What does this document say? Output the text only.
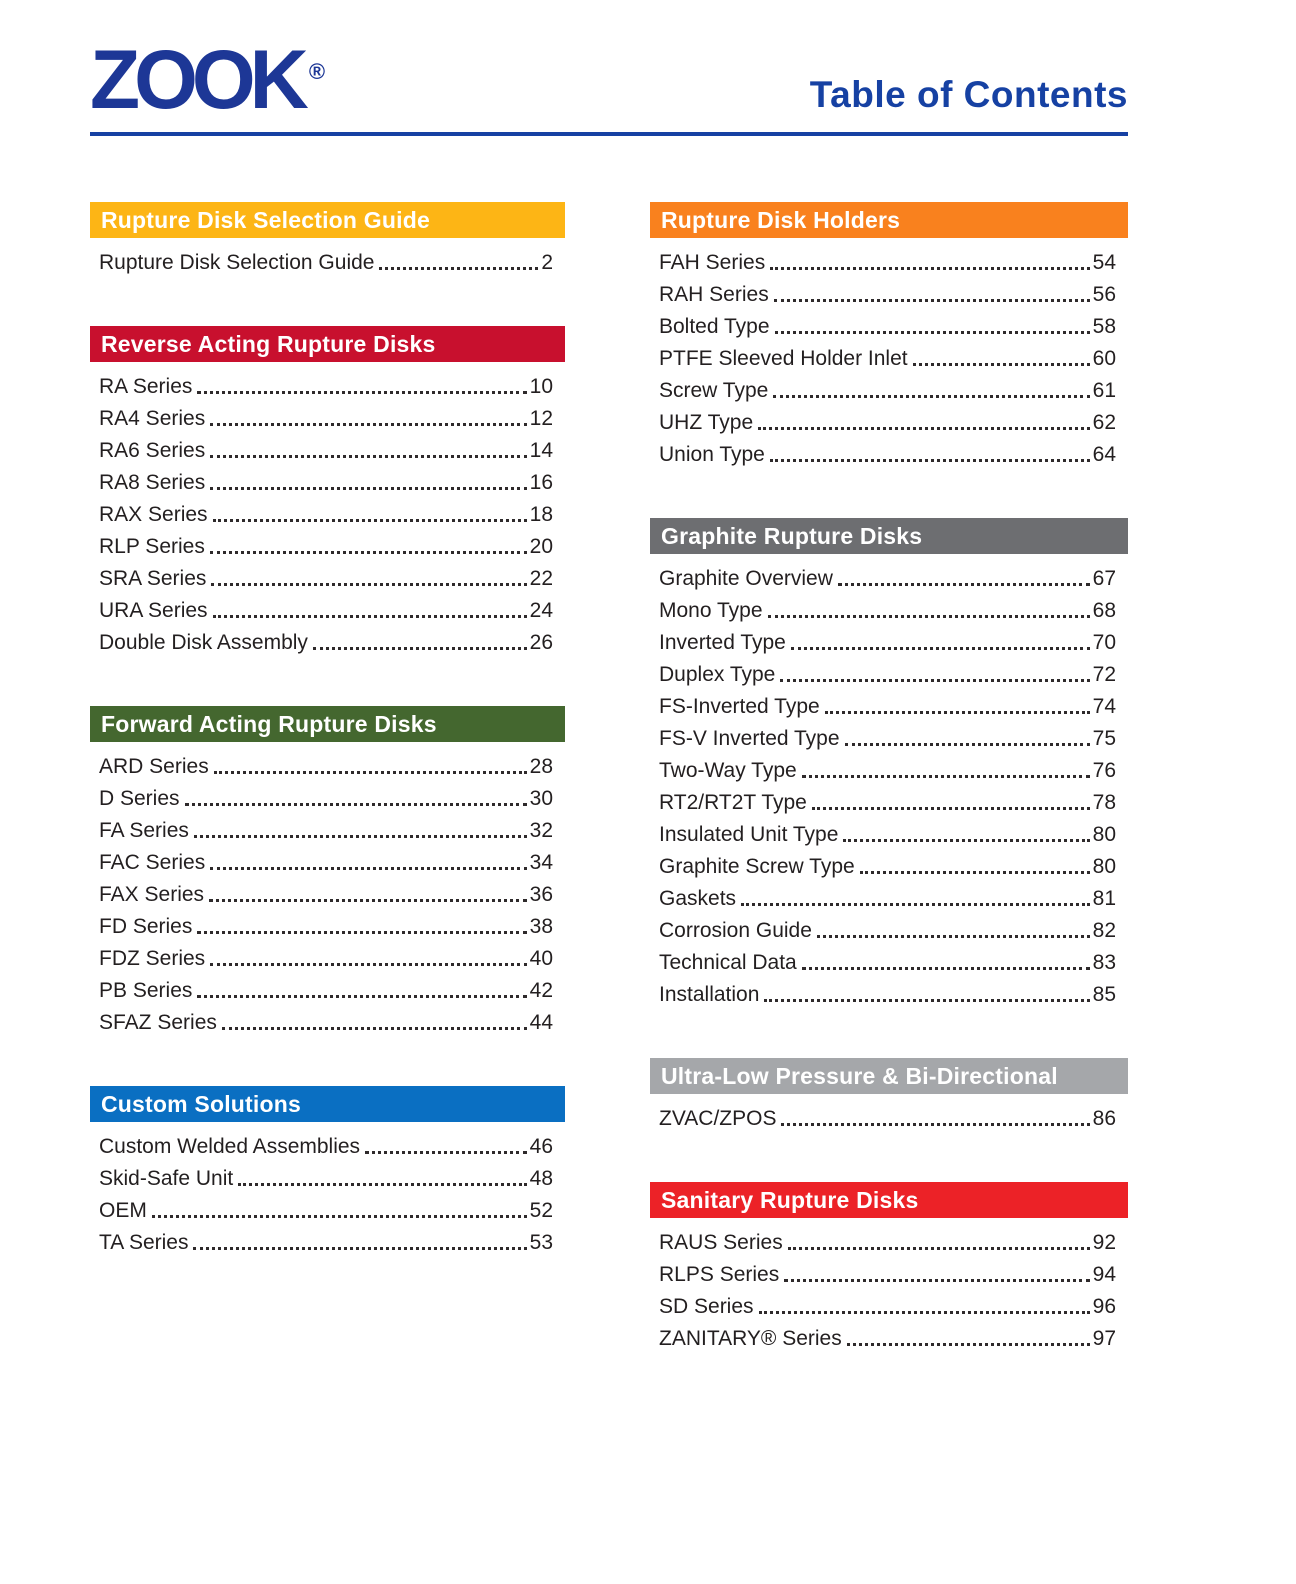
ZOOK ®
Table of Contents
Rupture Disk Selection Guide
Rupture Disk Selection Guide	2
Reverse Acting Rupture Disks
RA Series	10
RA4 Series	12
RA6 Series	14
RA8 Series	16
RAX Series	18
RLP Series	20
SRA Series	22
URA Series	24
Double Disk Assembly	26
Forward Acting Rupture Disks
ARD Series	28
D Series	30
FA Series	32
FAC Series	34
FAX Series	36
FD Series	38
FDZ Series	40
PB Series	42
SFAZ Series	44
Custom Solutions
Custom Welded Assemblies	46
Skid-Safe Unit	48
OEM	52
TA Series	53
Rupture Disk Holders
FAH Series	54
RAH Series	56
Bolted Type	58
PTFE Sleeved Holder Inlet	60
Screw Type	61
UHZ Type	62
Union Type	64
Graphite Rupture Disks
Graphite Overview	67
Mono Type	68
Inverted Type	70
Duplex Type	72
FS-Inverted Type	74
FS-V Inverted Type	75
Two-Way Type	76
RT2/RT2T Type	78
Insulated Unit Type	80
Graphite Screw Type	80
Gaskets	81
Corrosion Guide	82
Technical Data	83
Installation	85
Ultra-Low Pressure & Bi-Directional
ZVAC/ZPOS	86
Sanitary Rupture Disks
RAUS Series	92
RLPS Series	94
SD Series	96
ZANITARY® Series	97
